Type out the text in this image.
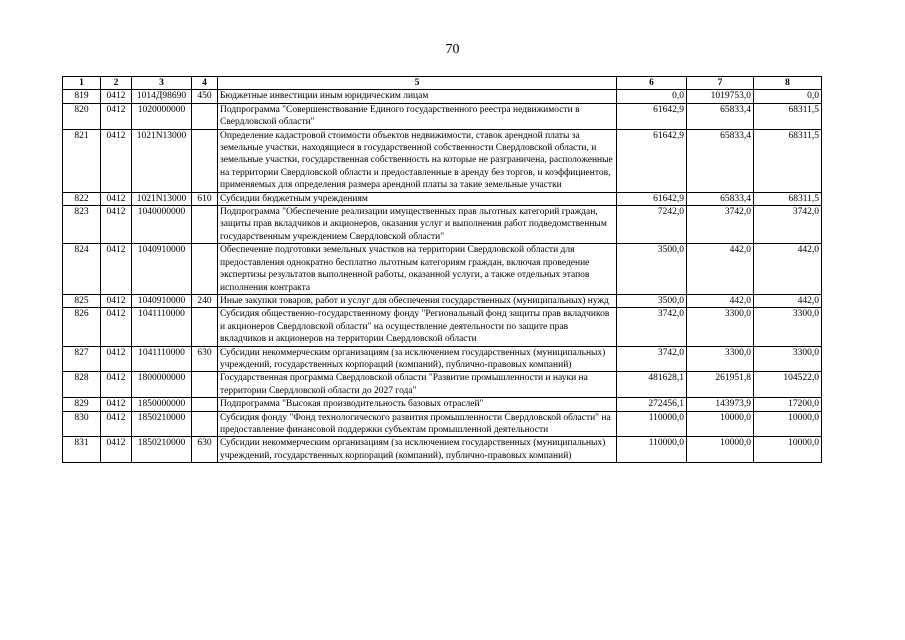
70
1	2	3	4	5	6	7	8
819	0412	1014Д98690	450	Бюджетные инвестиции иным юридическим лицам	0,0	1019753,0	0,0
820	0412	1020000000		Подпрограмма "Совершенствование Единого государственного реестра недвижимости в Свердловской области"	61642,9	65833,4	68311,5
821	0412	1021N13000		Определение кадастровой стоимости объектов недвижимости, ставок арендной платы за земельные участки, находящиеся в государственной собственности Свердловской области, и земельные участки, государственная собственность на которые не разграничена, расположенные на территории Свердловской области и предоставленные в аренду без торгов, и коэффициентов, применяемых для определения размера арендной платы за такие земельные участки	61642,9	65833,4	68311,5
822	0412	1021N13000	610	Субсидии бюджетным учреждениям	61642,9	65833,4	68311,5
823	0412	1040000000		Подпрограмма "Обеспечение реализации имущественных прав льготных категорий граждан, защиты прав вкладчиков и акционеров, оказания услуг и выполнения работ подведомственным государственным учреждением Свердловской области"	7242,0	3742,0	3742,0
824	0412	1040910000		Обеспечение подготовки земельных участков на территории Свердловской области для предоставления однократно бесплатно льготным категориям граждан, включая проведение экспертизы результатов выполненной работы, оказанной услуги, а также отдельных этапов исполнения контракта	3500,0	442,0	442,0
825	0412	1040910000	240	Иные закупки товаров, работ и услуг для обеспечения государственных (муниципальных) нужд	3500,0	442,0	442,0
826	0412	1041110000		Субсидия общественно-государственному фонду "Региональный фонд защиты прав вкладчиков и акционеров Свердловской области" на осуществление деятельности по защите прав вкладчиков и акционеров на территории Свердловской области	3742,0	3300,0	3300,0
827	0412	1041110000	630	Субсидии некоммерческим организациям (за исключением государственных (муниципальных) учреждений, государственных корпораций (компаний), публично-правовых компаний)	3742,0	3300,0	3300,0
828	0412	1800000000		Государственная программа Свердловской области "Развитие промышленности и науки на территории Свердловской области до 2027 года"	481628,1	261951,8	104522,0
829	0412	1850000000		Подпрограмма "Высокая производительность базовых отраслей"	272456,1	143973,9	17200,0
830	0412	1850210000		Субсидия фонду "Фонд технологического развития промышленности Свердловской области" на предоставление финансовой поддержки субъектам промышленной деятельности	110000,0	10000,0	10000,0
831	0412	1850210000	630	Субсидии некоммерческим организациям (за исключением государственных (муниципальных) учреждений, государственных корпораций (компаний), публично-правовых компаний)	110000,0	10000,0	10000,0
